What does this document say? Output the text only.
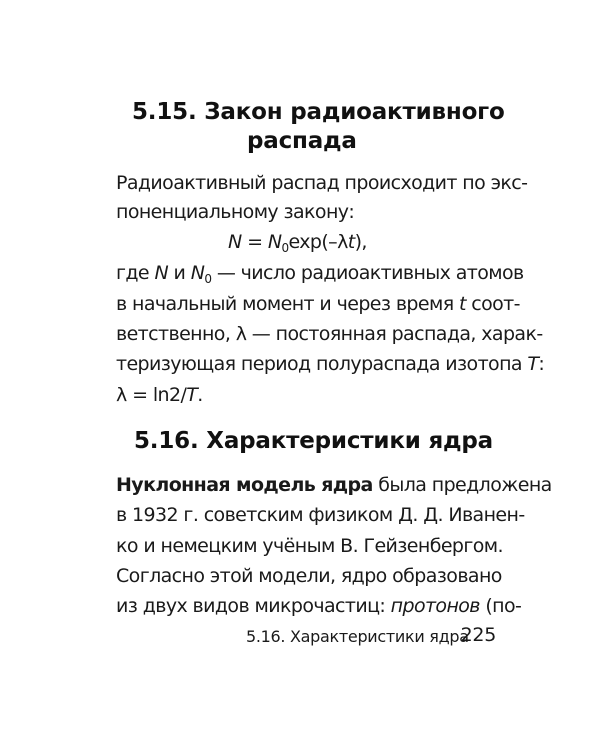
5.15. Закон радиоактивного
распада
Радиоактивный распад происходит по экс-
поненциальному закону:
$N = N_0\exp(-\lambda t)$,
где N и $N_0$ — число радиоактивных атомов
в начальный момент и через время t соот-
ветственно, λ — постоянная распада, харак-
теризующая период полураспада изотопа T:
λ = ln2/T.
5.16. Характеристики ядра
Нуклонная модель ядра была предложена
в 1932 г. советским физиком Д. Д. Иванен-
ко и немецким учёным В. Гейзенбергом.
Согласно этой модели, ядро образовано
из двух видов микрочастиц: протонов (по-
5.16. Характеристики ядра
225
